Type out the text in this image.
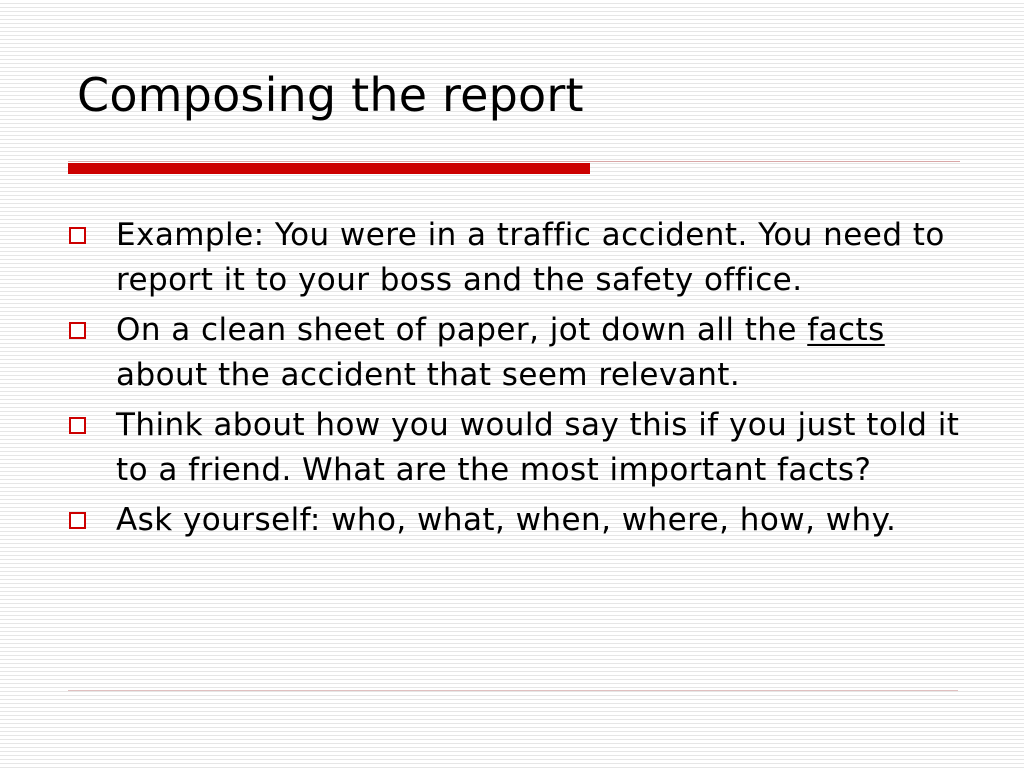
Composing the report
Example: You were in a traffic accident. You need to report it to your boss and the safety office.
On a clean sheet of paper, jot down all the facts about the accident that seem relevant.
Think about how you would say this if you just told it to a friend. What are the most important facts?
Ask yourself: who, what, when, where, how, why.
